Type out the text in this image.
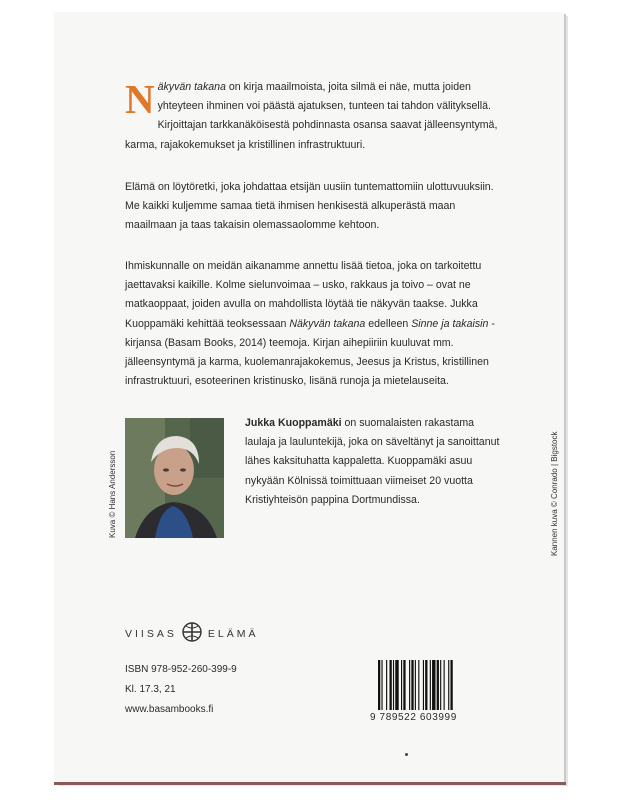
Näkyvän takana on kirja maailmoista, joita silmä ei näe, mutta joiden yhteyteen ihminen voi päästä ajatuksen, tunteen tai tahdon välityksellä. Kirjoittajan tarkkanäköisestä pohdinnasta osansa saavat jälleensyntymä, karma, rajakokemukset ja kristillinen infrastruktuuri.

Elämä on löytöretki, joka johdattaa etsijän uusiin tuntemattomiin ulottuvuuksiin. Me kaikki kuljemme samaa tietä ihmisen henkisestä alkuperästä maan maailmaan ja taas takaisin olemassaolomme kehtoon.

Ihmiskunnalle on meidän aikanamme annettu lisää tietoa, joka on tarkoitettu jaettavaksi kaikille. Kolme sielunvoimaa – usko, rakkaus ja toivo – ovat ne matkaoppaat, joiden avulla on mahdollista löytää tie näkyvän taakse. Jukka Kuoppamäki kehittää teoksessaan Näkyvän takana edelleen Sinne ja takaisin -kirjansa (Basam Books, 2014) teemoja. Kirjan aihepiiriin kuuluvat mm. jälleensyntymä ja karma, kuolemanrajakokemus, Jeesus ja Kristus, kristillinen infrastruktuuri, esoteerinen kristinusko, lisänä runoja ja mietelauseita.

Jukka Kuoppamäki on suomalaisten rakastama laulaja ja lauluntekijä, joka on säveltänyt ja sanoittanut lähes kaksituhatta kappaletta. Kuoppamäki asuu nykyään Kölnissä toimittuaan viimeiset 20 vuotta Kristiyhteisön pappina Dortmundissa.
Kuva © Hans Andersson	Kannen kuva © Conrado | Bigstock
VIISAS	ELÄMÄ
ISBN 978-952-260-399-9
Kl. 17.3, 21
www.basambooks.fi
9 789522 603999
